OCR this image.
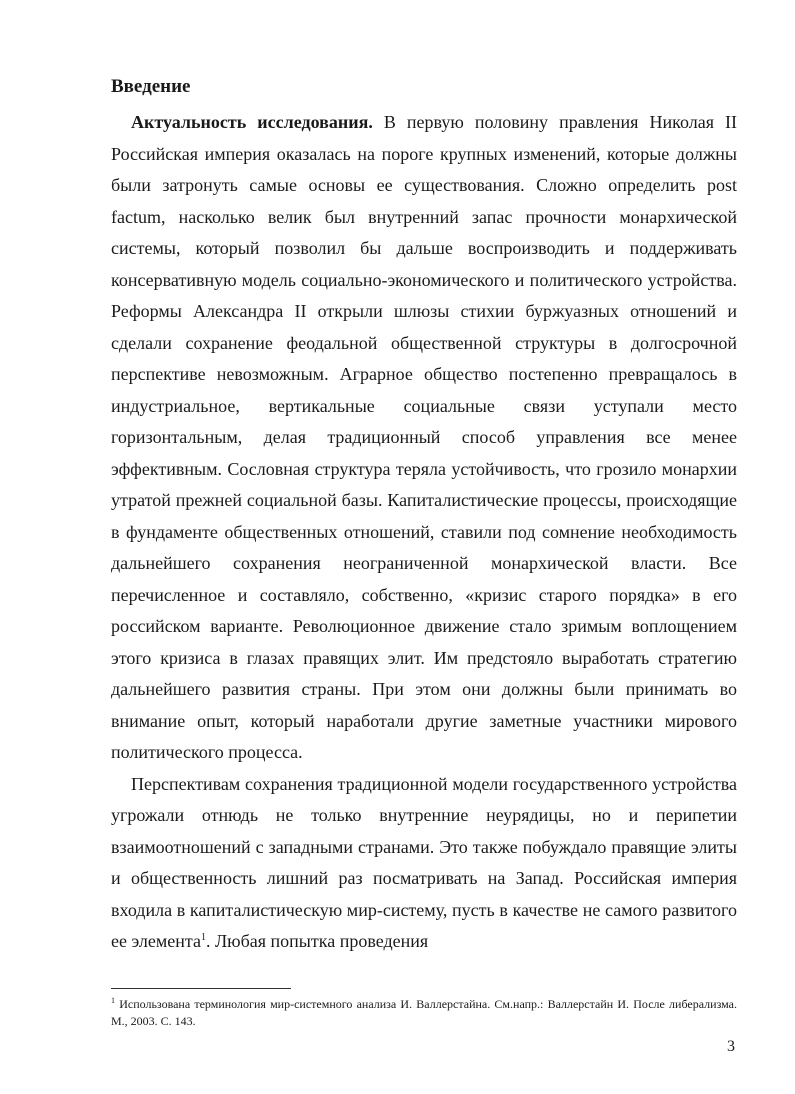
Введение

Актуальность исследования. В первую половину правления Николая II Российская империя оказалась на пороге крупных изменений, которые должны были затронуть самые основы ее существования. Сложно определить post factum, насколько велик был внутренний запас прочности монархической системы, который позволил бы дальше воспроизводить и поддерживать консервативную модель социально-экономического и политического устройства. Реформы Александра II открыли шлюзы стихии буржуазных отношений и сделали сохранение феодальной общественной структуры в долгосрочной перспективе невозможным. Аграрное общество постепенно превращалось в индустриальное, вертикальные социальные связи уступали место горизонтальным, делая традиционный способ управления все менее эффективным. Сословная структура теряла устойчивость, что грозило монархии утратой прежней социальной базы. Капиталистические процессы, происходящие в фундаменте общественных отношений, ставили под сомнение необходимость дальнейшего сохранения неограниченной монархической власти. Все перечисленное и составляло, собственно, «кризис старого порядка» в его российском варианте. Революционное движение стало зримым воплощением этого кризиса в глазах правящих элит. Им предстояло выработать стратегию дальнейшего развития страны. При этом они должны были принимать во внимание опыт, который наработали другие заметные участники мирового политического процесса.

Перспективам сохранения традиционной модели государственного устройства угрожали отнюдь не только внутренние неурядицы, но и перипетии взаимоотношений с западными странами. Это также побуждало правящие элиты и общественность лишний раз посматривать на Запад. Российская империя входила в капиталистическую мир-систему, пусть в качестве не самого развитого ее элемента$^1$. Любая попытка проведения

$^1$ Использована терминология мир-системного анализа И. Валлерстайна. См.напр.: Валлерстайн И. После либерализма. М., 2003. С. 143.
3
